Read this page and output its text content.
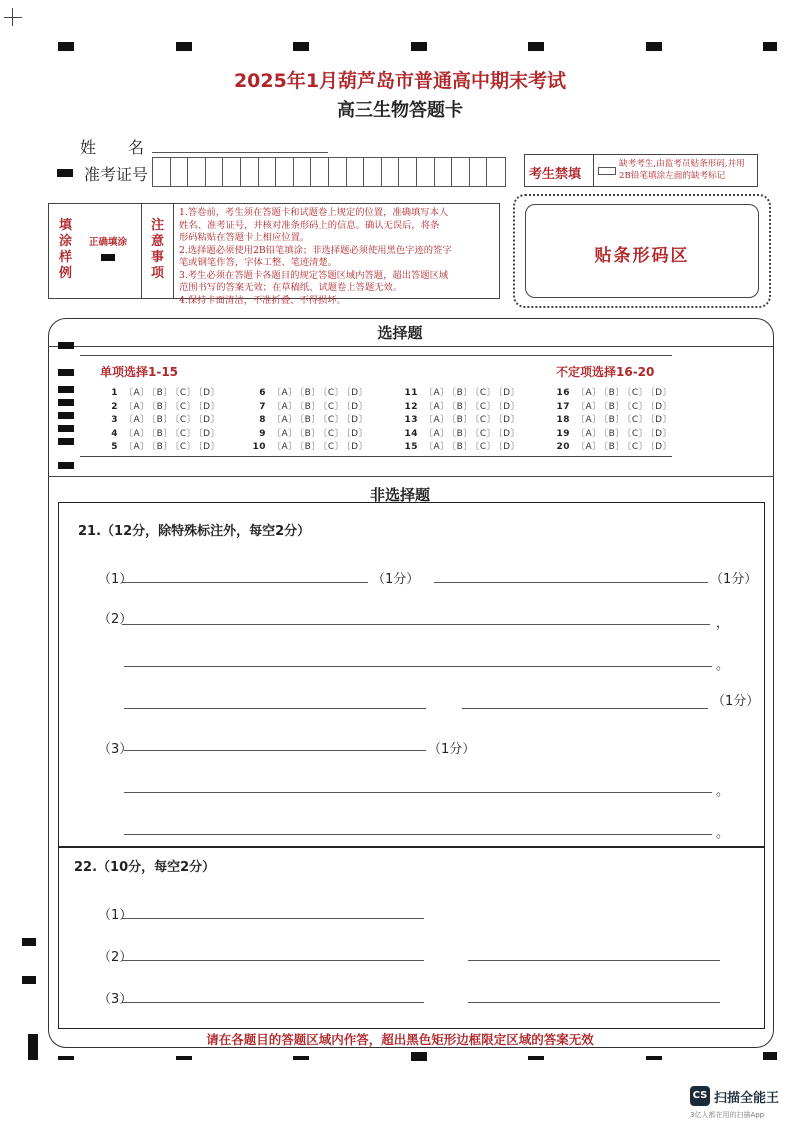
2025年1月葫芦岛市普通高中期末考试
高三生物答题卡
姓　　名
准考证号	考生禁填
缺考考生,由监考员贴条形码,并用2B铅笔填涂左面的缺考标记
填涂样例
正确填涂
注意事项
1.答卷前，考生须在答题卡和试题卷上规定的位置，准确填写本人
姓名、准考证号，并核对准条形码上的信息。确认无误后，将条
形码粘贴在答题卡上相应位置。
2.选择题必须使用2B铅笔填涂；非选择题必须使用黑色字迹的签字
笔或钢笔作答，字体工整、笔迹清楚。
3.考生必须在答题卡各题目的规定答题区域内答题，超出答题区域
范围书写的答案无效；在草稿纸、试题卷上答题无效。
4.保持卡面清洁，不准折叠、不得损坏。
贴条形码区
选择题
单项选择1-15	不定项选择16-20
1 〔A〕 〔B〕 〔C〕 〔D〕
2 〔A〕 〔B〕 〔C〕 〔D〕
3 〔A〕 〔B〕 〔C〕 〔D〕
4 〔A〕 〔B〕 〔C〕 〔D〕
5 〔A〕 〔B〕 〔C〕 〔D〕
6 〔A〕 〔B〕 〔C〕 〔D〕
7 〔A〕 〔B〕 〔C〕 〔D〕
8 〔A〕 〔B〕 〔C〕 〔D〕
9 〔A〕 〔B〕 〔C〕 〔D〕
10 〔A〕 〔B〕 〔C〕 〔D〕
11 〔A〕 〔B〕 〔C〕 〔D〕
12 〔A〕 〔B〕 〔C〕 〔D〕
13 〔A〕 〔B〕 〔C〕 〔D〕
14 〔A〕 〔B〕 〔C〕 〔D〕
15 〔A〕 〔B〕 〔C〕 〔D〕
16 〔A〕 〔B〕 〔C〕 〔D〕
17 〔A〕 〔B〕 〔C〕 〔D〕
18 〔A〕 〔B〕 〔C〕 〔D〕
19 〔A〕 〔B〕 〔C〕 〔D〕
20 〔A〕 〔B〕 〔C〕 〔D〕
非选择题
21.（12分，除特殊标注外，每空2分）
（1）	（1分）	（1分）
（2）	，
。
（1分）
（3）	（1分）
。
。
22.（10分，每空2分）
（1）
（2）
（3）
请在各题目的答题区域内作答，超出黑色矩形边框限定区域的答案无效
CS 扫描全能王
3亿人都在用的扫描App
